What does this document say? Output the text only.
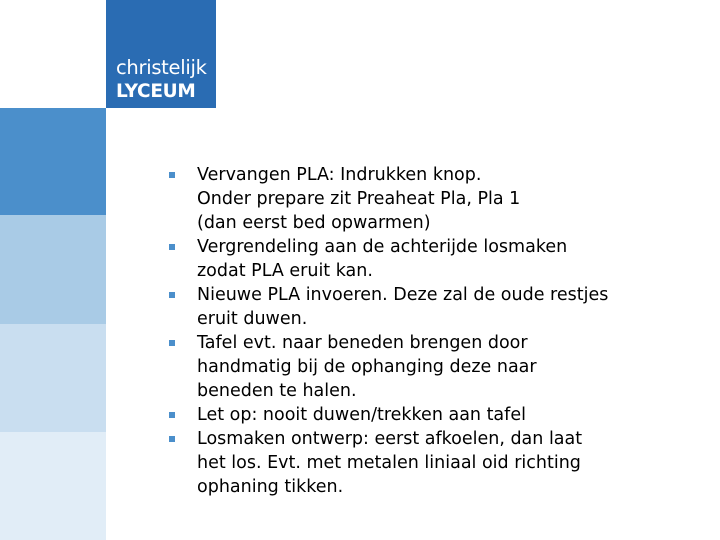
christelijk
LYCEUM
Vervangen PLA: Indrukken knop.
Onder prepare zit Preaheat Pla, Pla 1
(dan eerst bed opwarmen)
Vergrendeling aan de achterijde losmaken
zodat PLA eruit kan.
Nieuwe PLA invoeren. Deze zal de oude restjes
eruit duwen.
Tafel evt. naar beneden brengen door
handmatig bij de ophanging deze naar
beneden te halen.
Let op: nooit duwen/trekken aan tafel
Losmaken ontwerp: eerst afkoelen, dan laat
het los. Evt. met metalen liniaal oid richting
ophaning tikken.
